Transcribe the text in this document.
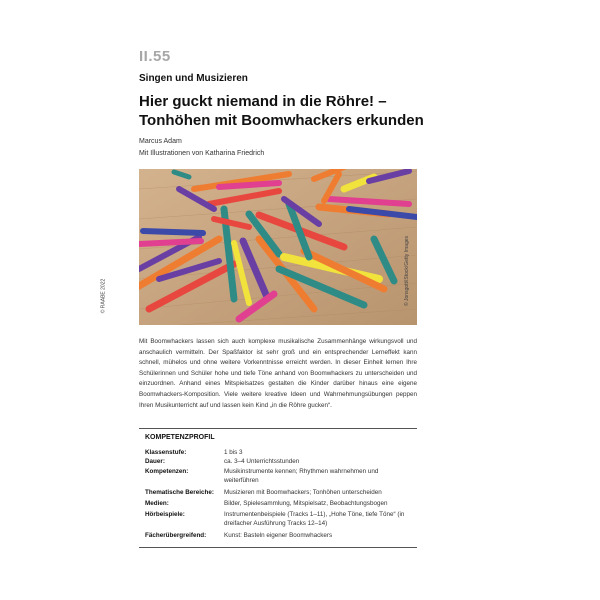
II.55
Singen und Musizieren
Hier guckt niemand in die Röhre! – Tonhöhen mit Boomwhackers erkunden
Marcus Adam
Mit Illustrationen von Katharina Friedrich
© RAABE 2022	© Jonsgott/iStock/Getty Images
Mit Boomwhackers lassen sich auch komplexe musikalische Zusammenhänge wirkungsvoll und anschaulich vermitteln. Der Spaßfaktor ist sehr groß und ein entsprechender Lerneffekt kann schnell, mühelos und ohne weitere Vorkenntnisse erreicht werden. In dieser Einheit lernen Ihre Schülerinnen und Schüler hohe und tiefe Töne anhand von Boomwhackers zu unterscheiden und einzuordnen. Anhand eines Mitspielsatzes gestalten die Kinder darüber hinaus eine eigene Boomwhackers-Komposition. Viele weitere kreative Ideen und Wahrnehmungsübungen peppen Ihren Musikunterricht auf und lassen kein Kind „in die Röhre gucken“.
KOMPETENZPROFIL
Klassenstufe:	1 bis 3
Dauer:	ca. 3–4 Unterrichtsstunden
Kompetenzen:	Musikinstrumente kennen; Rhythmen wahrnehmen und weiterführen
Thematische Bereiche:	Musizieren mit Boomwhackers; Tonhöhen unterscheiden
Medien:	Bilder, Spielesammlung, Mitspielsatz, Beobachtungsbogen
Hörbeispiele:	Instrumentenbeispiele (Tracks 1–11), „Hohe Töne, tiefe Töne“ (in dreifacher Ausführung Tracks 12–14)
Fächerübergreifend:	Kunst: Basteln eigener Boomwhackers
